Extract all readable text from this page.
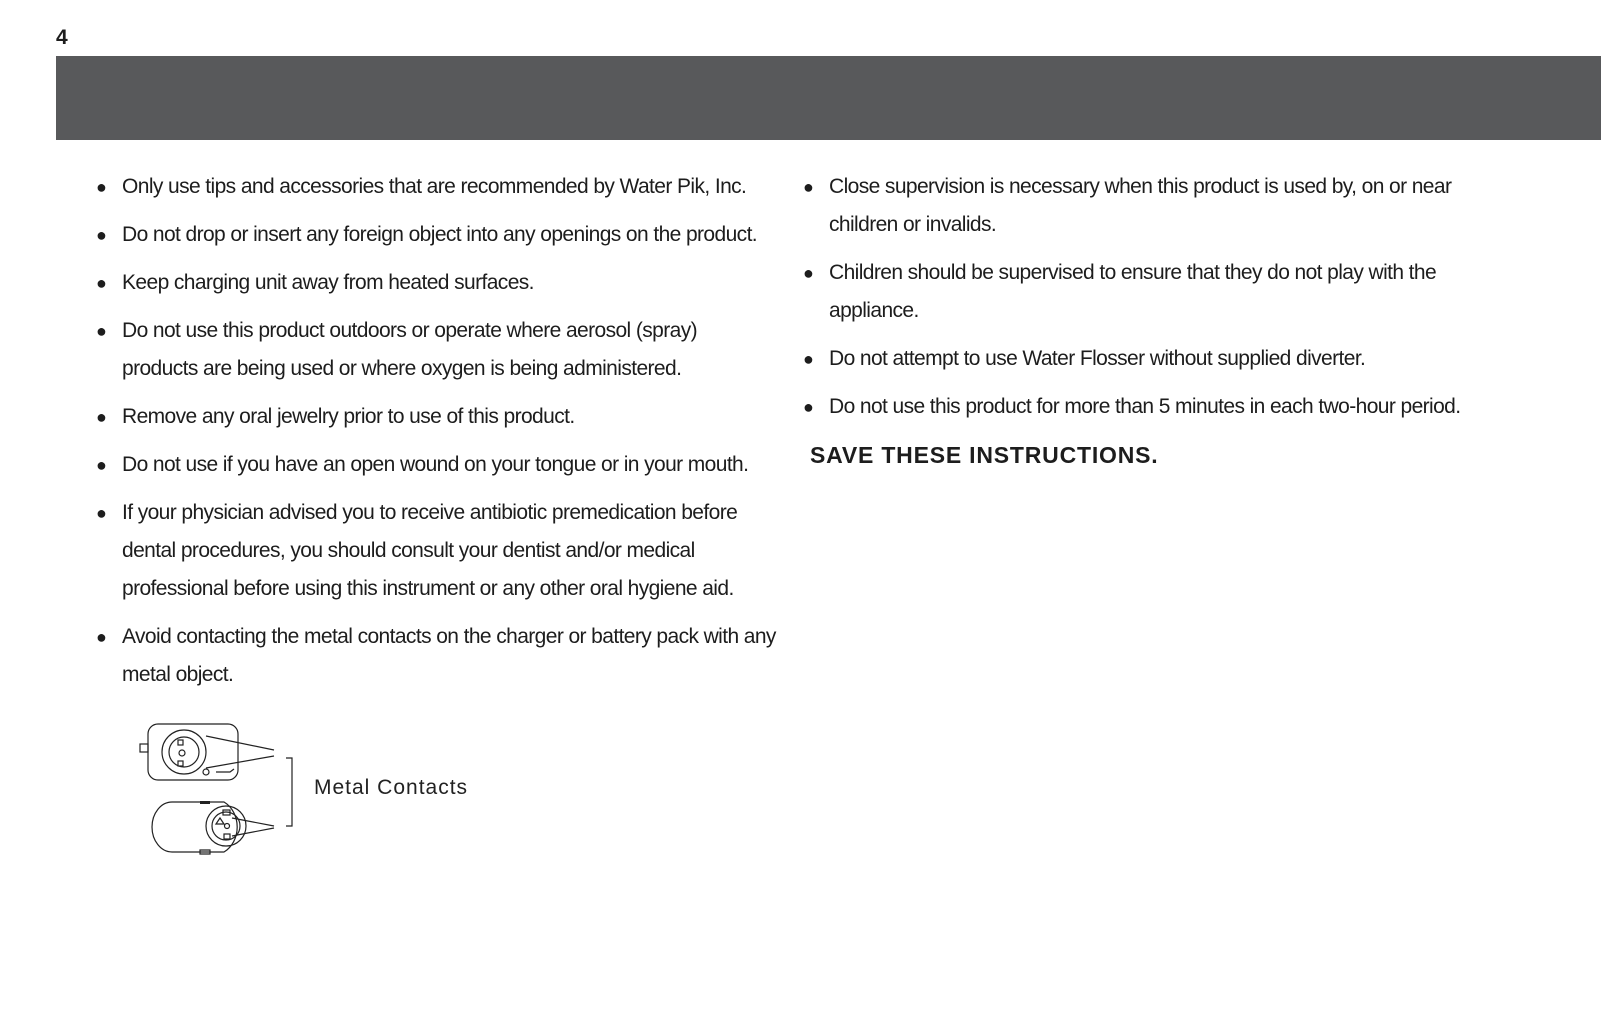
4
● Only use tips and accessories that are recommended by Water Pik, Inc.
● Do not drop or insert any foreign object into any openings on the product.
● Keep charging unit away from heated surfaces.
● Do not use this product outdoors or operate where aerosol (spray) products are being used or where oxygen is being administered.
● Remove any oral jewelry prior to use of this product.
● Do not use if you have an open wound on your tongue or in your mouth.
● If your physician advised you to receive antibiotic premedication before dental procedures, you should consult your dentist and/or medical professional before using this instrument or any other oral hygiene aid.
● Avoid contacting the metal contacts on the charger or battery pack with any metal object.
● Close supervision is necessary when this product is used by, on or near children or invalids.
● Children should be supervised to ensure that they do not play with the appliance.
● Do not attempt to use Water Flosser without supplied diverter.
● Do not use this product for more than 5 minutes in each two-hour period.
SAVE THESE INSTRUCTIONS.
Metal Contacts
